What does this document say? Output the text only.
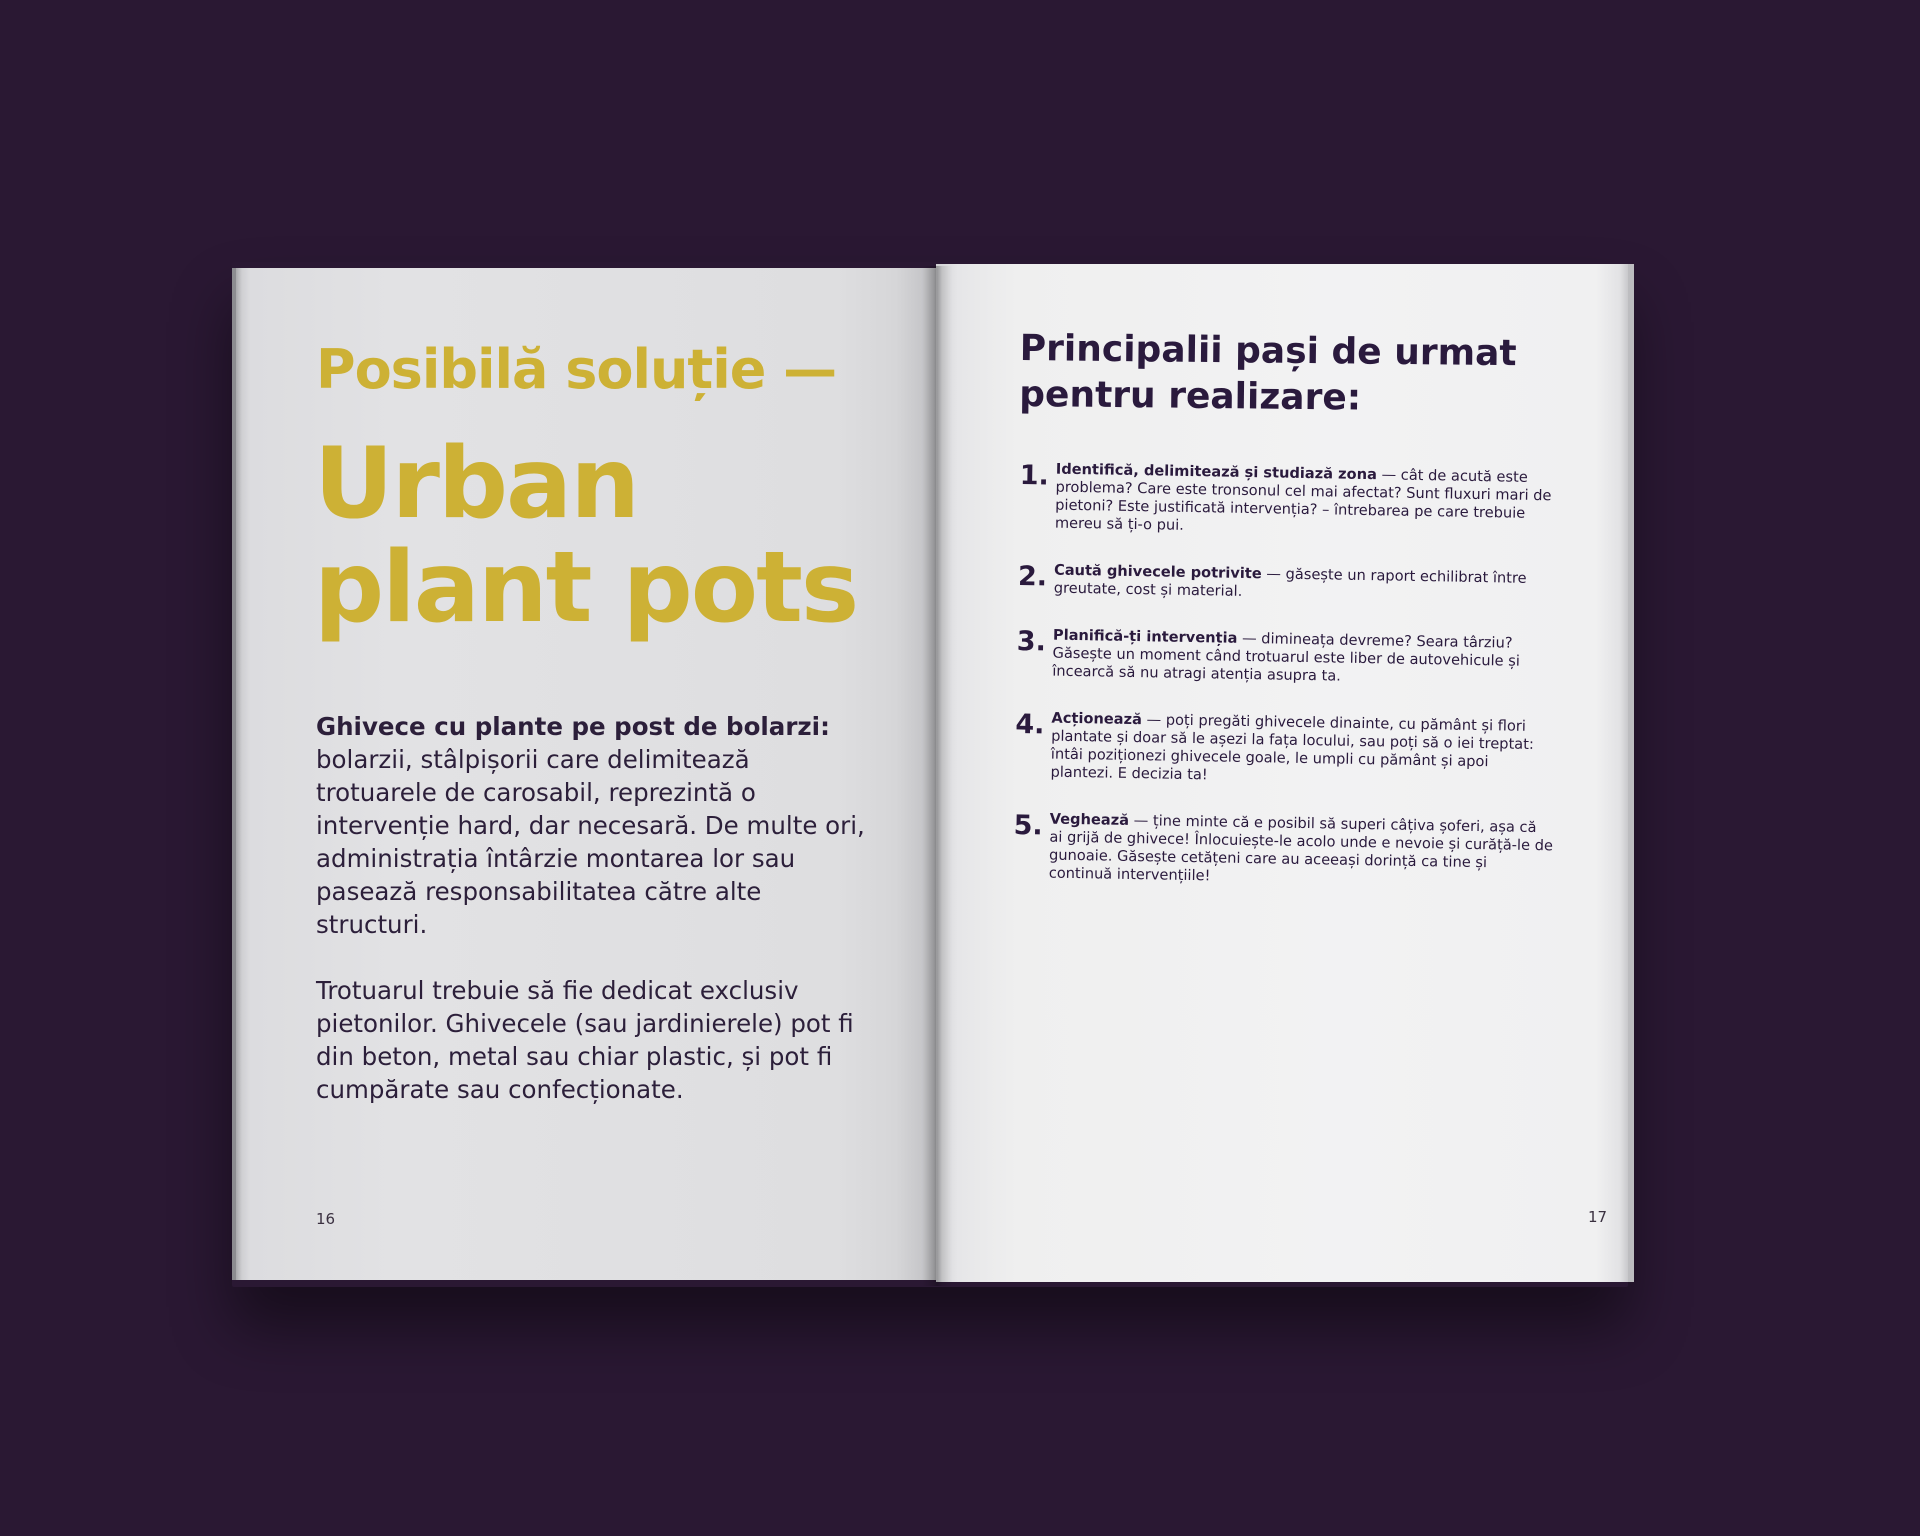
Posibilă soluție —
Urban
plant pots

Ghivece cu plante pe post de bolarzi: bolarzii, stâlpișorii care delimitează trotuarele de carosabil, reprezintă o intervenție hard, dar necesară. De multe ori, administrația întârzie montarea lor sau pasează responsabilitatea către alte structuri.

Trotuarul trebuie să fie dedicat exclusiv pietonilor. Ghivecele (sau jardinierele) pot fi din beton, metal sau chiar plastic, și pot fi cumpărate sau confecționate.

16
Principalii pași de urmat
pentru realizare:
1. Identifică, delimitează și studiază zona — cât de acută este problema? Care este tronsonul cel mai afectat? Sunt fluxuri mari de pietoni? Este justificată intervenția? – întrebarea pe care trebuie mereu să ți-o pui.
2. Caută ghivecele potrivite — găsește un raport echilibrat între greutate, cost și material.
3. Planifică-ți intervenția — dimineața devreme? Seara târziu? Găsește un moment când trotuarul este liber de autovehicule și încearcă să nu atragi atenția asupra ta.
4. Acționează — poți pregăti ghivecele dinainte, cu pământ și flori plantate și doar să le așezi la fața locului, sau poți să o iei treptat: întâi poziționezi ghivecele goale, le umpli cu pământ și apoi plantezi. E decizia ta!
5. Veghează — ține minte că e posibil să superi câțiva șoferi, așa că ai grijă de ghivece! Înlocuiește-le acolo unde e nevoie și curăță-le de gunoaie. Găsește cetățeni care au aceeași dorință ca tine și continuă intervențiile!
17
